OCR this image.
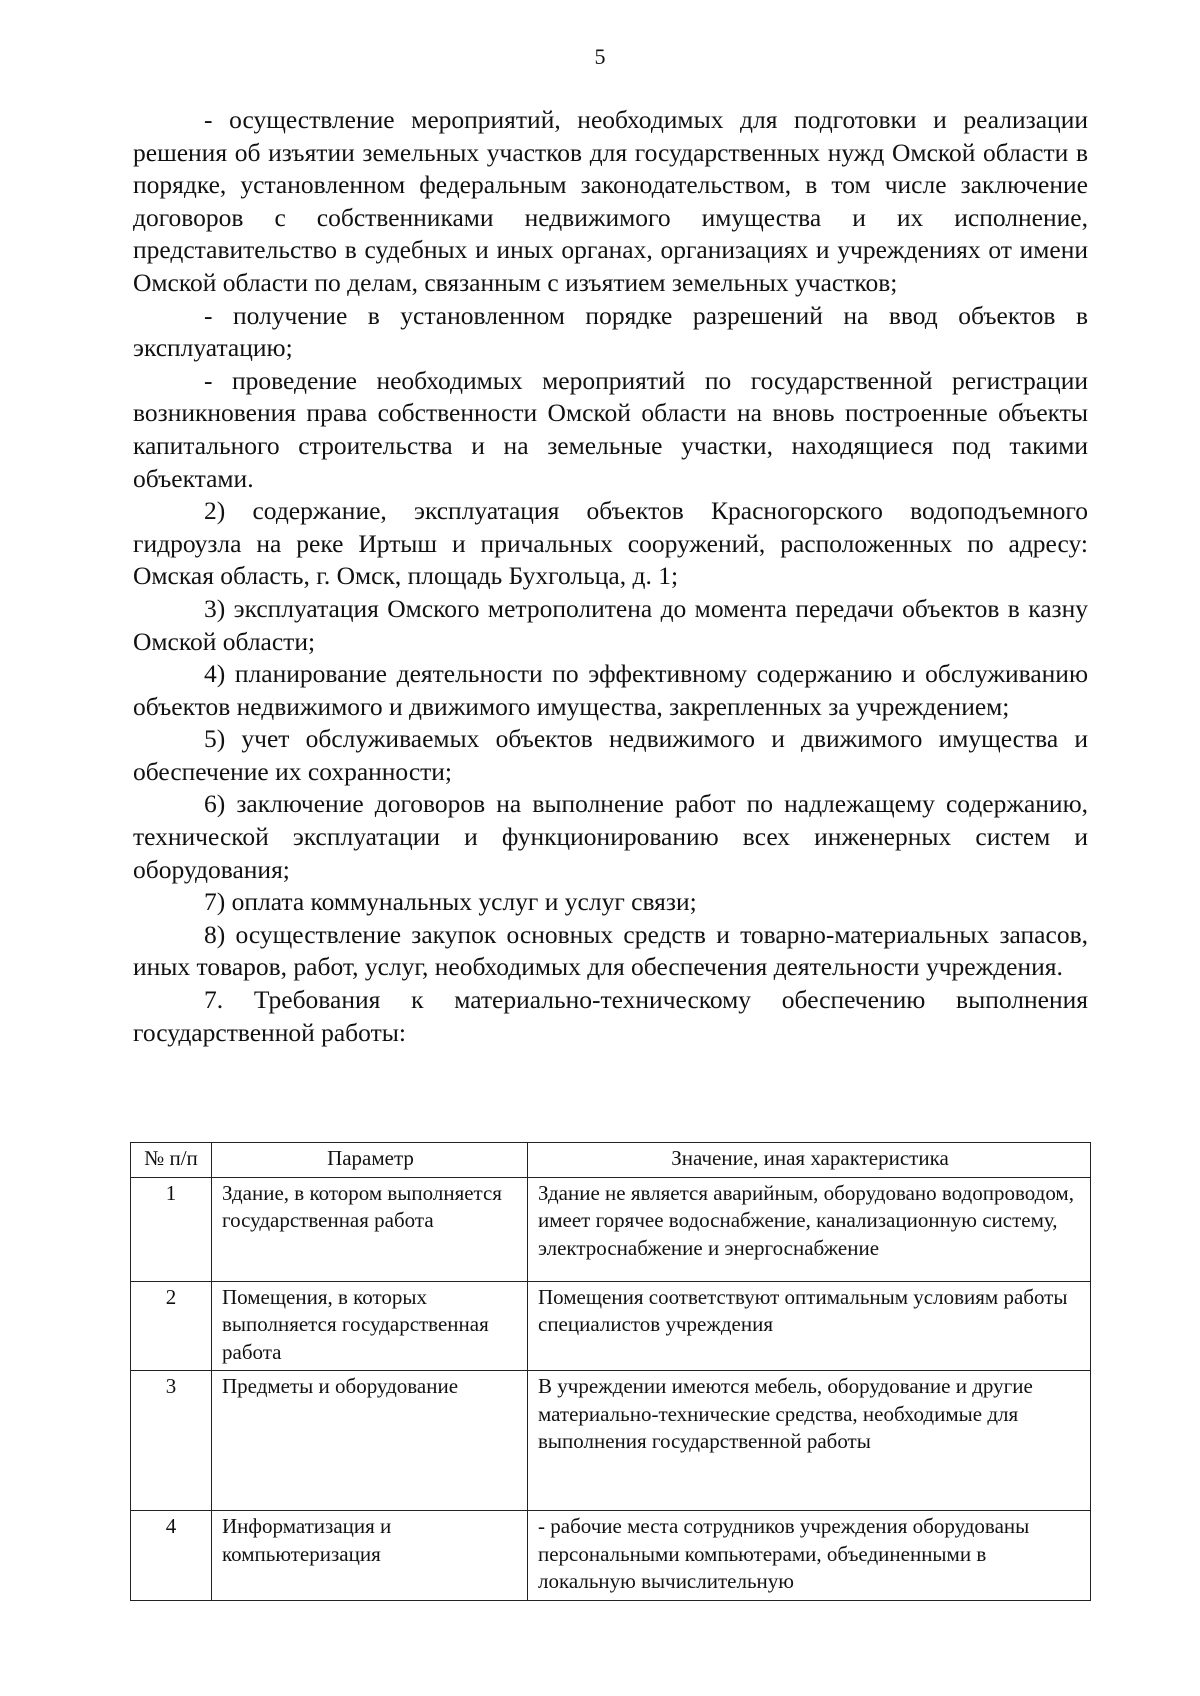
5

- осуществление мероприятий, необходимых для подготовки и реализации решения об изъятии земельных участков для государственных нужд Омской области в порядке, установленном федеральным законодательством, в том числе заключение договоров с собственниками недвижимого имущества и их исполнение, представительство в судебных и иных органах, организациях и учреждениях от имени Омской области по делам, связанным с изъятием земельных участков;

- получение в установленном порядке разрешений на ввод объектов в эксплуатацию;

- проведение необходимых мероприятий по государственной регистрации возникновения права собственности Омской области на вновь построенные объекты капитального строительства и на земельные участки, находящиеся под такими объектами.

2) содержание, эксплуатация объектов Красногорского водоподъемного гидроузла на реке Иртыш и причальных сооружений, расположенных по адресу: Омская область, г. Омск, площадь Бухгольца, д. 1;

3) эксплуатация Омского метрополитена до момента передачи объектов в казну Омской области;

4) планирование деятельности по эффективному содержанию и обслуживанию объектов недвижимого и движимого имущества, закрепленных за учреждением;

5) учет обслуживаемых объектов недвижимого и движимого имущества и обеспечение их сохранности;

6) заключение договоров на выполнение работ по надлежащему содержанию, технической эксплуатации и функционированию всех инженерных систем и оборудования;

7) оплата коммунальных услуг и услуг связи;

8) осуществление закупок основных средств и товарно-материальных запасов, иных товаров, работ, услуг, необходимых для обеспечения деятельности учреждения.

7. Требования к материально-техническому обеспечению выполнения государственной работы:

№ п/п	Параметр	Значение, иная характеристика
1	Здание, в котором выполняется государственная работа	Здание не является аварийным, оборудовано водопроводом, имеет горячее водоснабжение, канализационную систему, электроснабжение и энергоснабжение
2	Помещения, в которых выполняется государственная работа	Помещения соответствуют оптимальным условиям работы специалистов учреждения
3	Предметы и оборудование	В учреждении имеются мебель, оборудование и другие материально-технические средства, необходимые для выполнения государственной работы
4	Информатизация и компьютеризация	- рабочие места сотрудников учреждения оборудованы персональными компьютерами, объединенными в локальную вычислительную
